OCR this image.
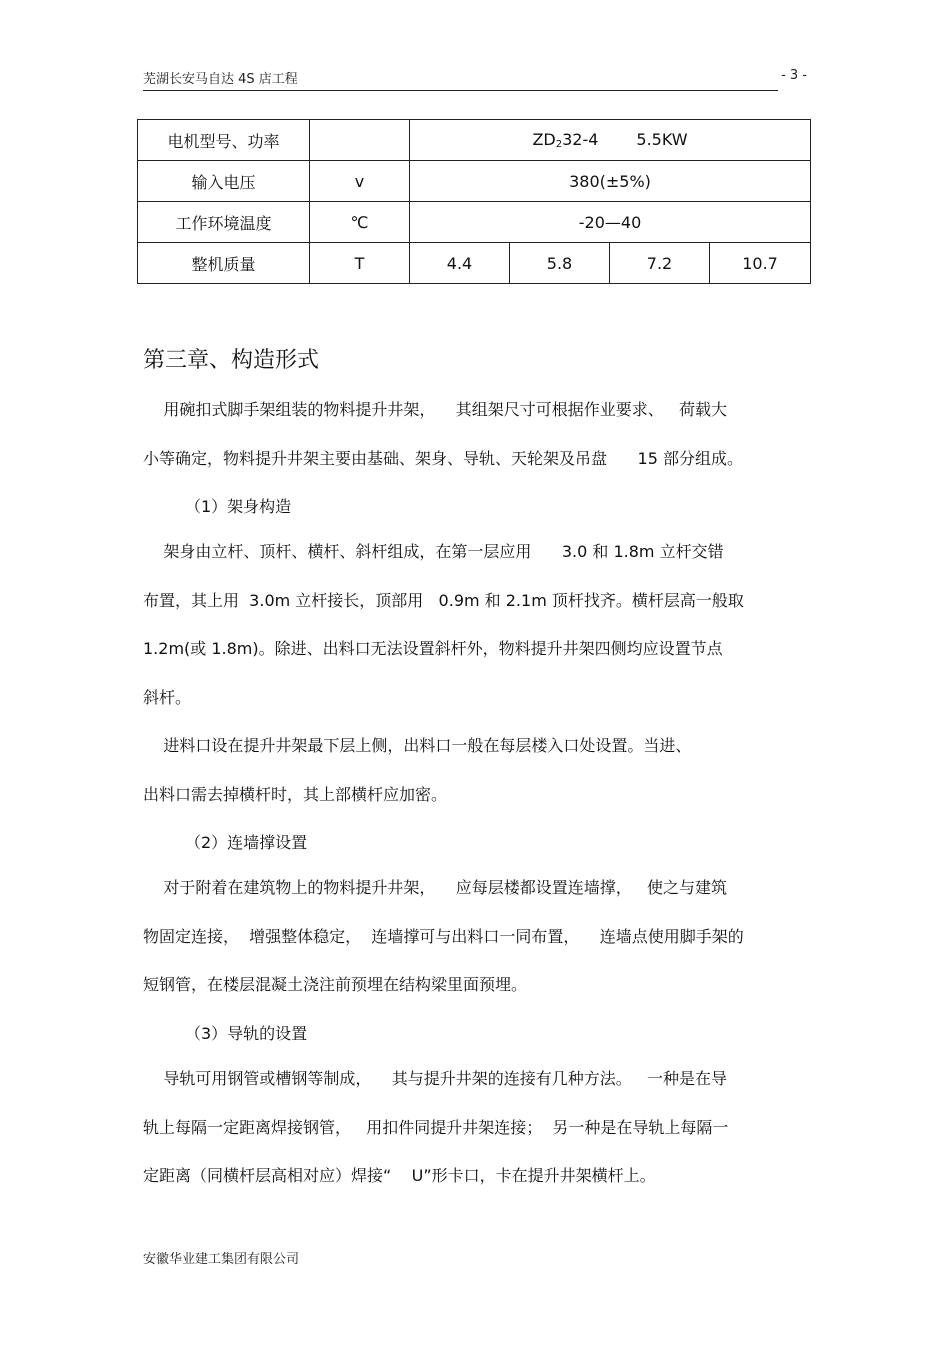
芜湖长安马自达 4S 店工程	- 3 -
电机型号、功率		$ZD_232-4$ 5.5KW			
输入电压	v	380(±5%)			
工作环境温度	℃	-20—40			
整机质量	T	4.4	5.8	7.2	10.7
第三章、构造形式
用碗扣式脚手架组装的物料提升井架，    其组架尺寸可根据作业要求、   荷载大
小等确定，物料提升井架主要由基础、架身、导轨、天轮架及吊盘      15 部分组成。
（1）架身构造
架身由立杆、顶杆、横杆、斜杆组成，在第一层应用      3.0 和 1.8m 立杆交错
布置，其上用  3.0m 立杆接长，顶部用   0.9m 和 2.1m 顶杆找齐。横杆层高一般取
1.2m(或 1.8m)。除进、出料口无法设置斜杆外，物料提升井架四侧均应设置节点
斜杆。
进料口设在提升井架最下层上侧，出料口一般在每层楼入口处设置。当进、
出料口需去掉横杆时，其上部横杆应加密。
（2）连墙撑设置
对于附着在建筑物上的物料提升井架，    应每层楼都设置连墙撑，   使之与建筑
物固定连接，  增强整体稳定，  连墙撑可与出料口一同布置，    连墙点使用脚手架的
短钢管，在楼层混凝土浇注前预埋在结构梁里面预埋。
（3）导轨的设置
导轨可用钢管或槽钢等制成，    其与提升井架的连接有几种方法。   一种是在导
轨上每隔一定距离焊接钢管，   用扣件同提升井架连接；  另一种是在导轨上每隔一
定距离（同横杆层高相对应）焊接“    U”形卡口，卡在提升井架横杆上。
安徽华业建工集团有限公司
